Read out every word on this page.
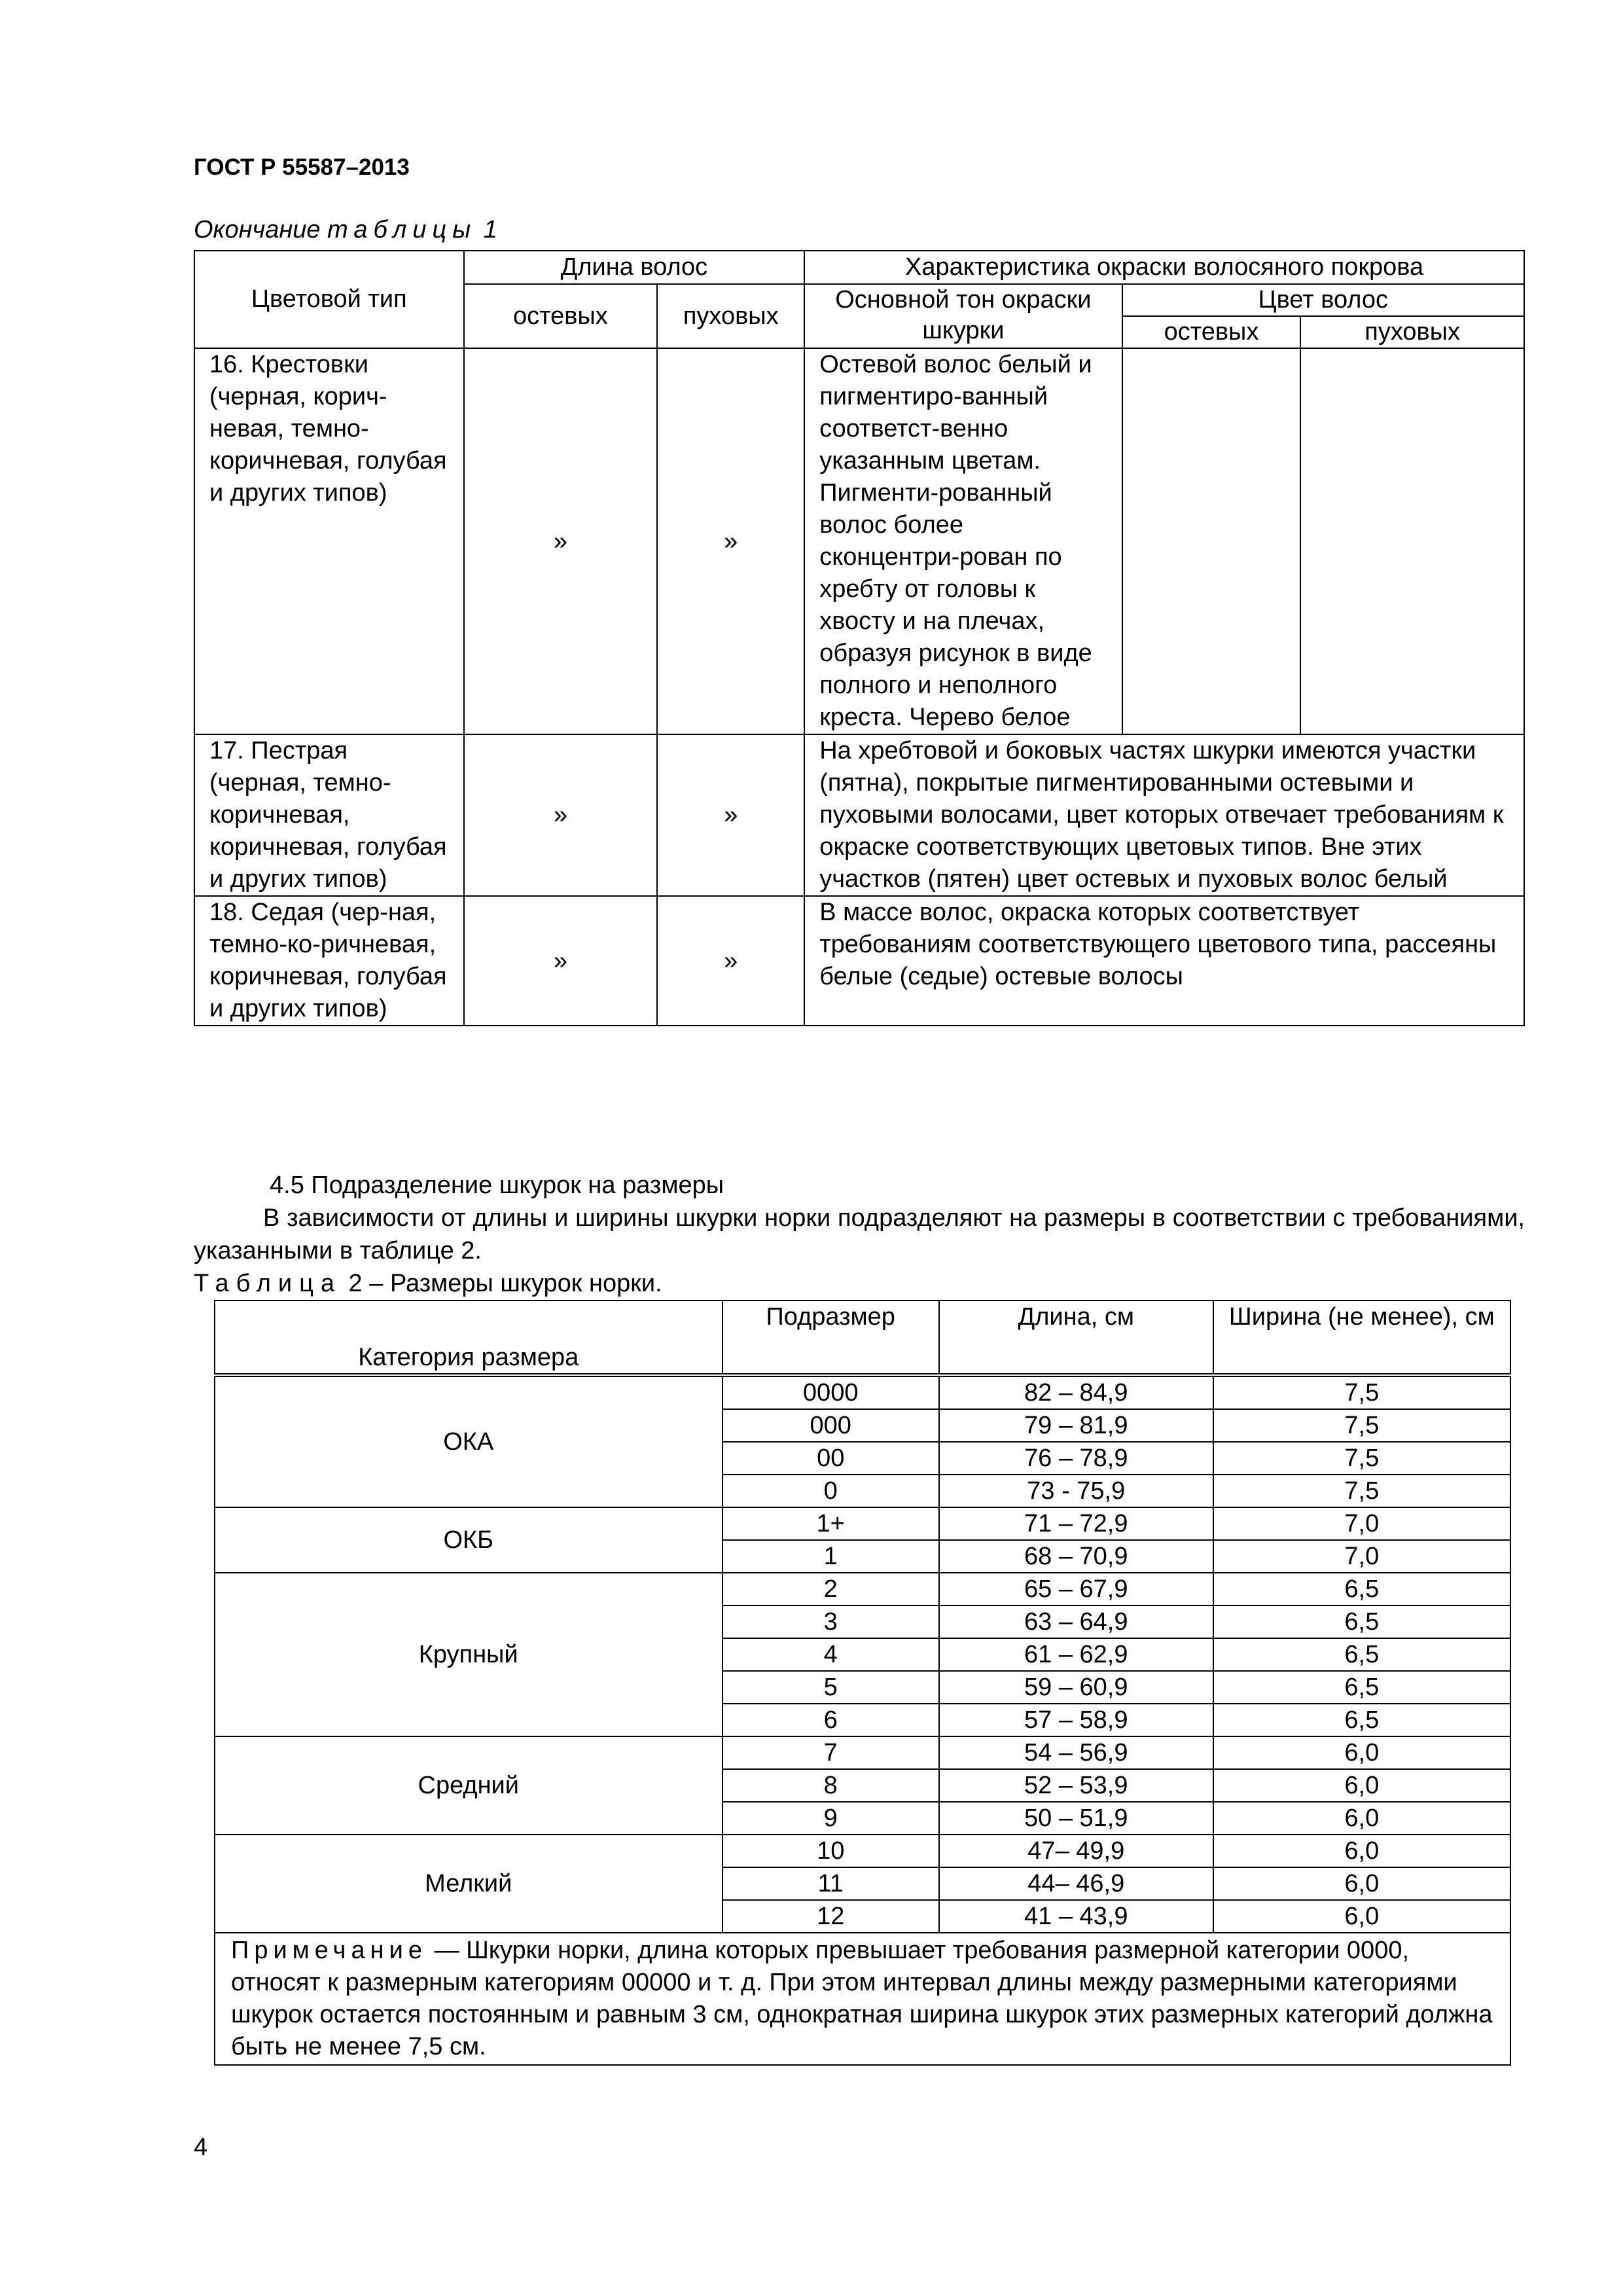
ГОСТ Р 55587–2013
Окончание таблицы 1
Цветовой тип	Длина волос		Характеристика окраски волосяного покрова		
	остевых	пуховых	Основной тон окраски шкурки	Цвет волос	
				остевых	пуховых
16. Крестовки (черная, корич-невая, темно-коричневая, голубая и других типов)	»	»	Остевой волос белый и пигментиро-ванный соответст-венно указанным цветам. Пигменти-рованный волос более сконцентри-рован по хребту от головы к хвосту и на плечах, образуя рисунок в виде полного и неполного креста. Черево белое		
17. Пестрая (черная, темно-коричневая, коричневая, голубая и других типов)	»	»	На хребтовой и боковых частях шкурки имеются участки (пятна), покрытые пигментированными остевыми и пуховыми волосами, цвет которых отвечает требованиям к окраске соответствующих цветовых типов. Вне этих участков (пятен) цвет остевых и пуховых волос белый		
18. Седая (чер-ная, темно-ко-ричневая, коричневая, голубая и других типов)	»	»	В массе волос, окраска которых соответствует требованиям соответствующего цветового типа, рассеяны белые (седые) остевые волосы		
4.5 Подразделение шкурок на размеры
В зависимости от длины и ширины шкурки норки подразделяют на размеры в соответствии с требованиями, указанными в таблице 2.
Таблица 2 – Размеры шкурок норки.
Категория размера	Подразмер	Длина, см	Ширина (не менее), см
ОКА	0000	82 – 84,9	7,5
	000	79 – 81,9	7,5
	00	76 – 78,9	7,5
	0	73 - 75,9	7,5
ОКБ	1+	71 – 72,9	7,0
	1	68 – 70,9	7,0
Крупный	2	65 – 67,9	6,5
	3	63 – 64,9	6,5
	4	61 – 62,9	6,5
	5	59 – 60,9	6,5
	6	57 – 58,9	6,5
Средний	7	54 – 56,9	6,0
	8	52 – 53,9	6,0
	9	50 – 51,9	6,0
Мелкий	10	47– 49,9	6,0
	11	44– 46,9	6,0
	12	41 – 43,9	6,0
Примечание — Шкурки норки, длина которых превышает требования размерной категории 0000, относят к размерным категориям 00000 и т. д. При этом интервал длины между размерными категориями шкурок остается постоянным и равным 3 см, однократная ширина шкурок этих размерных категорий должна быть не менее 7,5 см.			
4
